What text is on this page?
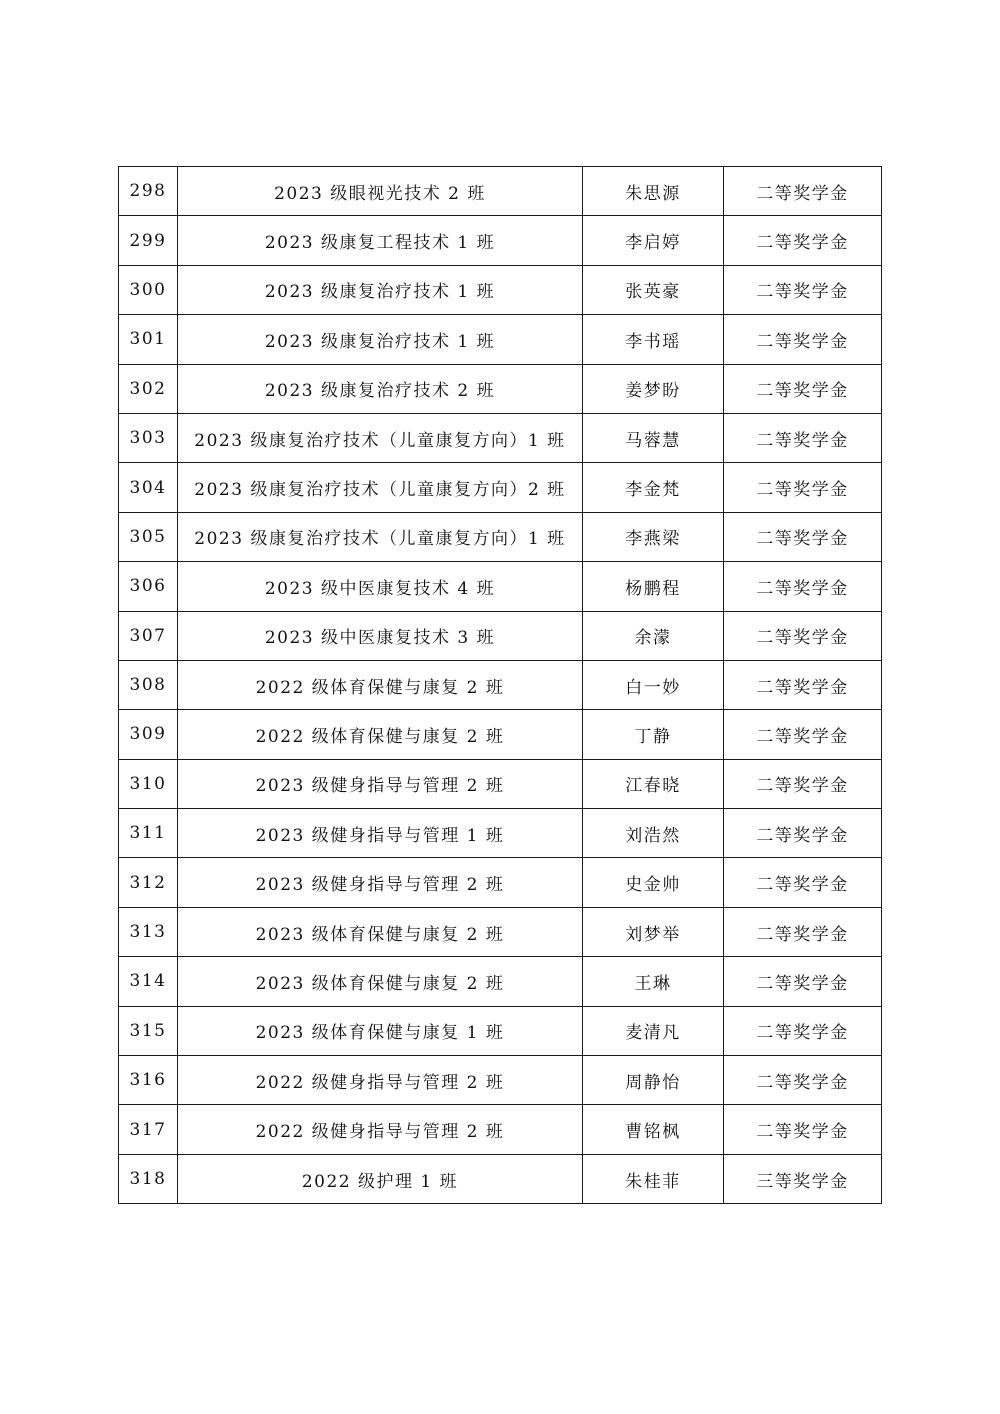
298	2023 级眼视光技术 2 班	朱思源	二等奖学金
299	2023 级康复工程技术 1 班	李启婷	二等奖学金
300	2023 级康复治疗技术 1 班	张英豪	二等奖学金
301	2023 级康复治疗技术 1 班	李书瑶	二等奖学金
302	2023 级康复治疗技术 2 班	姜梦盼	二等奖学金
303	2023 级康复治疗技术（儿童康复方向）1 班	马蓉慧	二等奖学金
304	2023 级康复治疗技术（儿童康复方向）2 班	李金梵	二等奖学金
305	2023 级康复治疗技术（儿童康复方向）1 班	李燕梁	二等奖学金
306	2023 级中医康复技术 4 班	杨鹏程	二等奖学金
307	2023 级中医康复技术 3 班	余濛	二等奖学金
308	2022 级体育保健与康复 2 班	白一妙	二等奖学金
309	2022 级体育保健与康复 2 班	丁静	二等奖学金
310	2023 级健身指导与管理 2 班	江春晓	二等奖学金
311	2023 级健身指导与管理 1 班	刘浩然	二等奖学金
312	2023 级健身指导与管理 2 班	史金帅	二等奖学金
313	2023 级体育保健与康复 2 班	刘梦举	二等奖学金
314	2023 级体育保健与康复 2 班	王琳	二等奖学金
315	2023 级体育保健与康复 1 班	麦清凡	二等奖学金
316	2022 级健身指导与管理 2 班	周静怡	二等奖学金
317	2022 级健身指导与管理 2 班	曹铭枫	二等奖学金
318	2022 级护理 1 班	朱桂菲	三等奖学金
